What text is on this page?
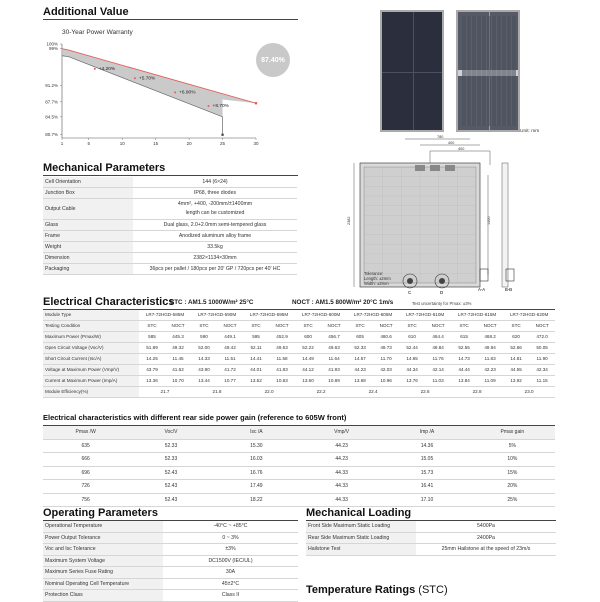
Additional Value
30-Year Power Warranty
100%
99%
91.2%
87.7%
84.5%
80.7%
1	5	10	15	20	25	30
+4.20%
+5.70%
+6.90%
+8.70%
87.40%
Unit: mm
780
400
400
2382	1400
Tolerance:
Length: ±2mm
Width: ±2mm
C	D
A-A	B-B
Mechanical Parameters
Cell Orientation	144 (6×24)
Junction Box	IP68, three diodes
Output Cable	4mm², +400, -200mm/±1400mm
length can be customized
Glass	Dual glass, 2.0+2.0mm semi-tempered glass
Frame	Anodized aluminum alloy frame
Weight	33.5kg
Dimension	2382×1134×30mm
Packaging	36pcs per pallet / 180pcs per 20' GP / 720pcs per 40' HC
Electrical Characteristics
STC : AM1.5 1000W/m² 25°C	NOCT : AM1.5 800W/m² 20°C 1m/s	Test uncertainty for Pmax: ±3%
Module Type	LR7-72HGD-585M		LR7-72HGD-590M		LR7-72HGD-595M		LR7-72HGD-600M		LR7-72HGD-605M		LR7-72HGD-610M		LR7-72HGD-615M		LR7-72HGD-620M	
Testing Condition	STC	NOCT	STC	NOCT	STC	NOCT	STC	NOCT	STC	NOCT	STC	NOCT	STC	NOCT	STC	NOCT
Maximum Power (Pmax/W)	585	445.3	590	449.1	595	452.9	600	456.7	605	460.6	610	464.4	615	468.2	620	472.0
Open Circuit Voltage (Voc/V)	51.89	49.32	52.00	49.42	52.11	49.53	52.22	49.63	52.33	49.73	52.44	49.84	52.55	49.94	52.66	50.05
Short Circuit Current (Isc/A)	14.25	11.45	14.33	11.51	14.41	11.58	14.49	11.64	14.57	11.70	14.65	11.76	14.73	11.83	14.81	11.90
Voltage at Maximum Power (Vmp/V)	43.79	41.62	43.90	41.72	44.01	41.83	44.12	41.93	44.23	42.03	44.34	42.14	44.44	42.23	44.55	42.34
Current at Maximum Power (Imp/A)	13.36	10.70	13.44	10.77	13.52	10.83	13.60	10.89	13.68	10.96	13.76	11.03	13.84	11.09	13.92	11.15
Module Efficiency(%)	21.7		21.8		22.0		22.2		22.4		22.6		22.8		23.0	
Electrical characteristics with different rear side power gain (reference to 605W front)
Pmax /W	Voc/V	Isc /A	Vmp/V	Imp /A	Pmax gain
635	52.33	15.30	44.23	14.36	5%
666	52.33	16.03	44.23	15.05	10%
696	52.43	16.76	44.33	15.73	15%
726	52.43	17.49	44.33	16.41	20%
756	52.43	18.22	44.33	17.10	25%
Operating Parameters
Operational Temperature	-40°C ~ +85°C
Power Output Tolerance	0 ~ 3%
Voc and Isc Tolerance	±3%
Maximum System Voltage	DC1500V (IEC/UL)
Maximum Series Fuse Rating	30A
Nominal Operating Cell Temperature	45±2°C
Protection Class	Class II
Mechanical Loading
Front Side Maximum Static Loading	5400Pa
Rear Side Maximum Static Loading	2400Pa
Hailstone Test	25mm Hailstone at the speed of 23m/s
Temperature Ratings (STC)
